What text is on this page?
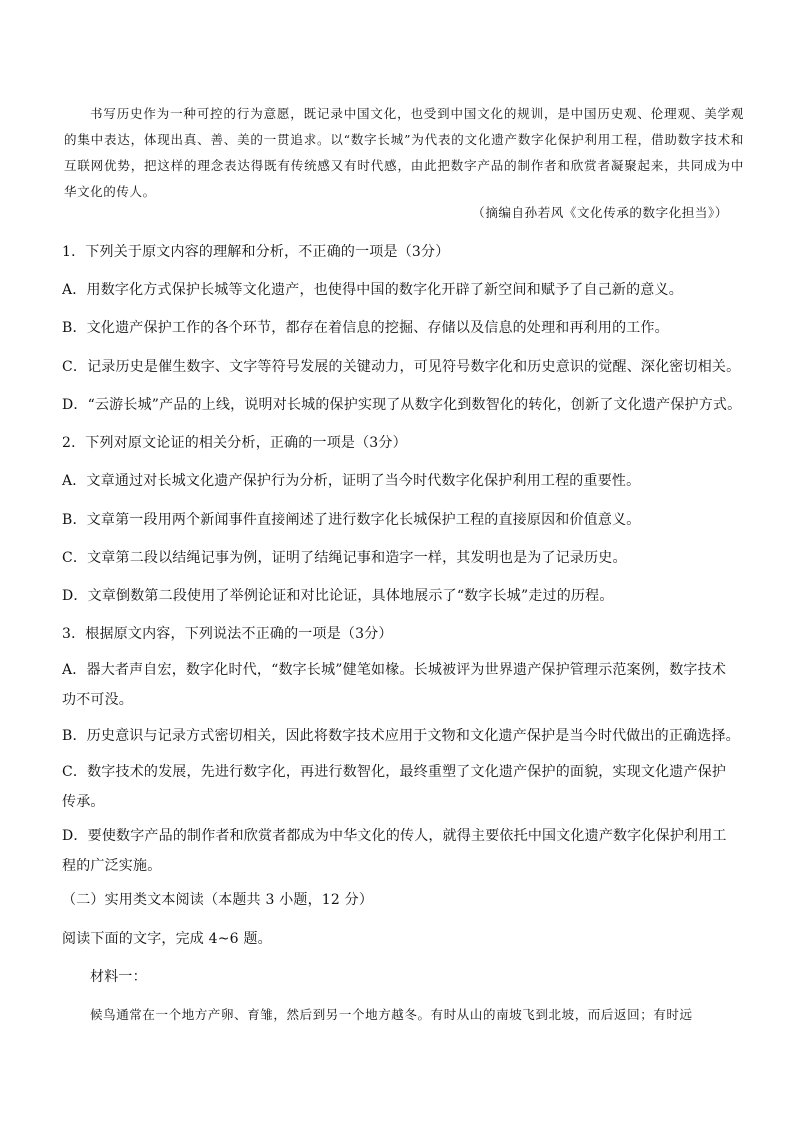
书写历史作为一种可控的行为意愿，既记录中国文化，也受到中国文化的规训，是中国历史观、伦理观、美学观的集中表达，体现出真、善、美的一贯追求。以“数字长城”为代表的文化遗产数字化保护利用工程，借助数字技术和互联网优势，把这样的理念表达得既有传统感又有时代感，由此把数字产品的制作者和欣赏者凝聚起来，共同成为中华文化的传人。

（摘编自孙若风《文化传承的数字化担当》）
1．下列关于原文内容的理解和分析，不正确的一项是（3分）
A．用数字化方式保护长城等文化遗产，也使得中国的数字化开辟了新空间和赋予了自己新的意义。
B．文化遗产保护工作的各个环节，都存在着信息的挖掘、存储以及信息的处理和再利用的工作。
C．记录历史是催生数字、文字等符号发展的关键动力，可见符号数字化和历史意识的觉醒、深化密切相关。
D．“云游长城”产品的上线，说明对长城的保护实现了从数字化到数智化的转化，创新了文化遗产保护方式。
2．下列对原文论证的相关分析，正确的一项是（3分）
A．文章通过对长城文化遗产保护行为分析，证明了当今时代数字化保护利用工程的重要性。
B．文章第一段用两个新闻事件直接阐述了进行数字化长城保护工程的直接原因和价值意义。
C．文章第二段以结绳记事为例，证明了结绳记事和造字一样，其发明也是为了记录历史。
D．文章倒数第二段使用了举例论证和对比论证，具体地展示了“数字长城”走过的历程。
3．根据原文内容，下列说法不正确的一项是（3分）
A．器大者声自宏，数字化时代，“数字长城”健笔如椽。长城被评为世界遗产保护管理示范案例，数字技术功不可没。
B．历史意识与记录方式密切相关，因此将数字技术应用于文物和文化遗产保护是当今时代做出的正确选择。
C．数字技术的发展，先进行数字化，再进行数智化，最终重塑了文化遗产保护的面貌，实现文化遗产保护传承。
D．要使数字产品的制作者和欣赏者都成为中华文化的传人，就得主要依托中国文化遗产数字化保护利用工程的广泛实施。
（二）实用类文本阅读（本题共 3 小题，12 分）
阅读下面的文字，完成 4~6 题。
材料一：
候鸟通常在一个地方产卵、育雏，然后到另一个地方越冬。有时从山的南坡飞到北坡，而后返回；有时远
